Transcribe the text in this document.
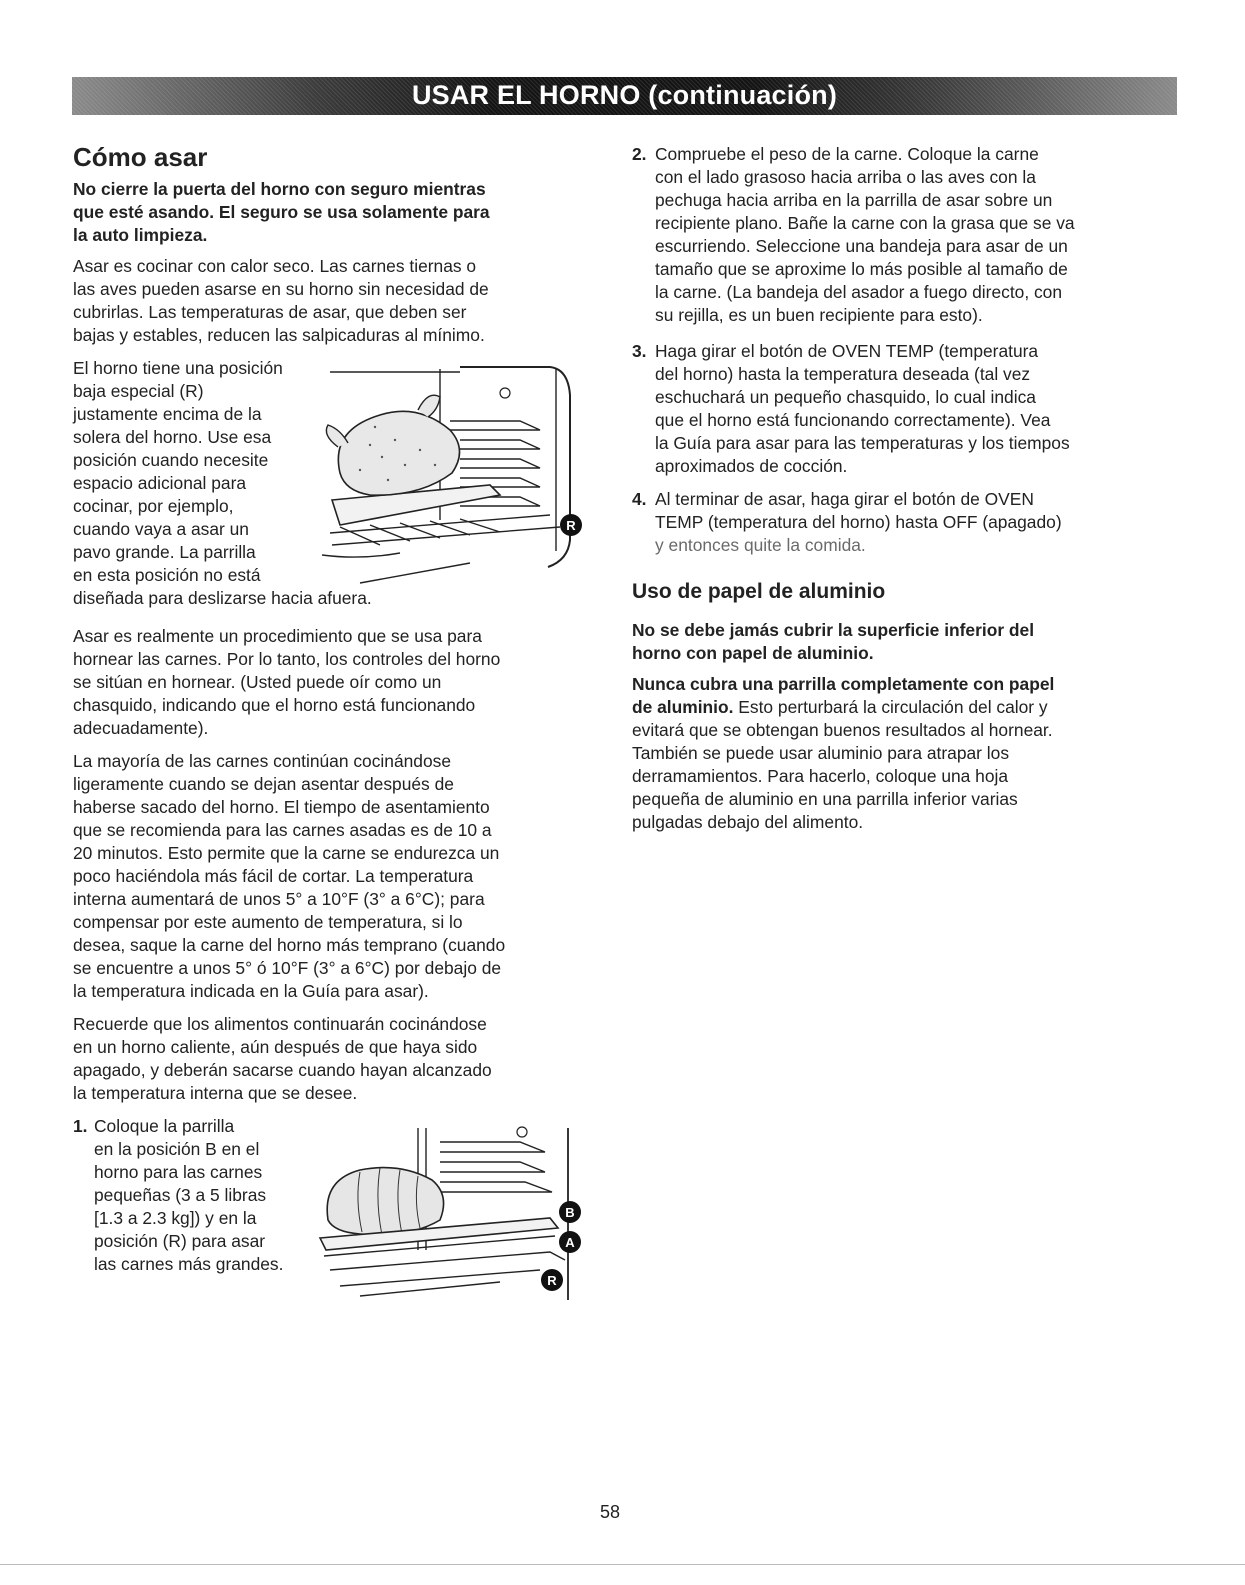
USAR EL HORNO (continuación)
Cómo asar
No cierre la puerta del horno con seguro mientras
que esté asando. El seguro se usa solamente para
la auto limpieza.
Asar es cocinar con calor seco. Las carnes tiernas o
las aves pueden asarse en su horno sin necesidad de
cubrirlas. Las temperaturas de asar, que deben ser
bajas y estables, reducen las salpicaduras al mínimo.
El horno tiene una posición
baja especial (R)
justamente encima de la
solera del horno. Use esa
posición cuando necesite
espacio adicional para
cocinar, por ejemplo,
cuando vaya a asar un
pavo grande. La parrilla
en esta posición no está
diseñada para deslizarse hacia afuera.
R
Asar es realmente un procedimiento que se usa para
hornear las carnes. Por lo tanto, los controles del horno
se sitúan en hornear. (Usted puede oír como un
chasquido, indicando que el horno está funcionando
adecuadamente).
La mayoría de las carnes continúan cocinándose
ligeramente cuando se dejan asentar después de
haberse sacado del horno. El tiempo de asentamiento
que se recomienda para las carnes asadas es de 10 a
20 minutos. Esto permite que la carne se endurezca un
poco haciéndola más fácil de cortar. La temperatura
interna aumentará de unos 5° a 10°F (3° a 6°C); para
compensar por este aumento de temperatura, si lo
desea, saque la carne del horno más temprano (cuando
se encuentre a unos 5° ó 10°F (3° a 6°C) por debajo de
la temperatura indicada en la Guía para asar).
Recuerde que los alimentos continuarán cocinándose
en un horno caliente, aún después de que haya sido
apagado, y deberán sacarse cuando hayan alcanzado
la temperatura interna que se desee.
1. Coloque la parrilla
en la posición B en el
horno para las carnes
pequeñas (3 a 5 libras
[1.3 a 2.3 kg]) y en la
posición (R) para asar
las carnes más grandes.
B
A
R
2. Compruebe el peso de la carne. Coloque la carne
con el lado grasoso hacia arriba o las aves con la
pechuga hacia arriba en la parrilla de asar sobre un
recipiente plano. Bañe la carne con la grasa que se va
escurriendo. Seleccione una bandeja para asar de un
tamaño que se aproxime lo más posible al tamaño de
la carne. (La bandeja del asador a fuego directo, con
su rejilla, es un buen recipiente para esto).
3. Haga girar el botón de OVEN TEMP (temperatura
del horno) hasta la temperatura deseada (tal vez
eschuchará un pequeño chasquido, lo cual indica
que el horno está funcionando correctamente). Vea
la Guía para asar para las temperaturas y los tiempos
aproximados de cocción.
4. Al terminar de asar, haga girar el botón de OVEN
TEMP (temperatura del horno) hasta OFF (apagado)
y entonces quite la comida.
Uso de papel de aluminio
No se debe jamás cubrir la superficie inferior del
horno con papel de aluminio.
Nunca cubra una parrilla completamente con papel
de aluminio. Esto perturbará la circulación del calor y
evitará que se obtengan buenos resultados al hornear.
También se puede usar aluminio para atrapar los
derramamientos. Para hacerlo, coloque una hoja
pequeña de aluminio en una parrilla inferior varias
pulgadas debajo del alimento.
58
